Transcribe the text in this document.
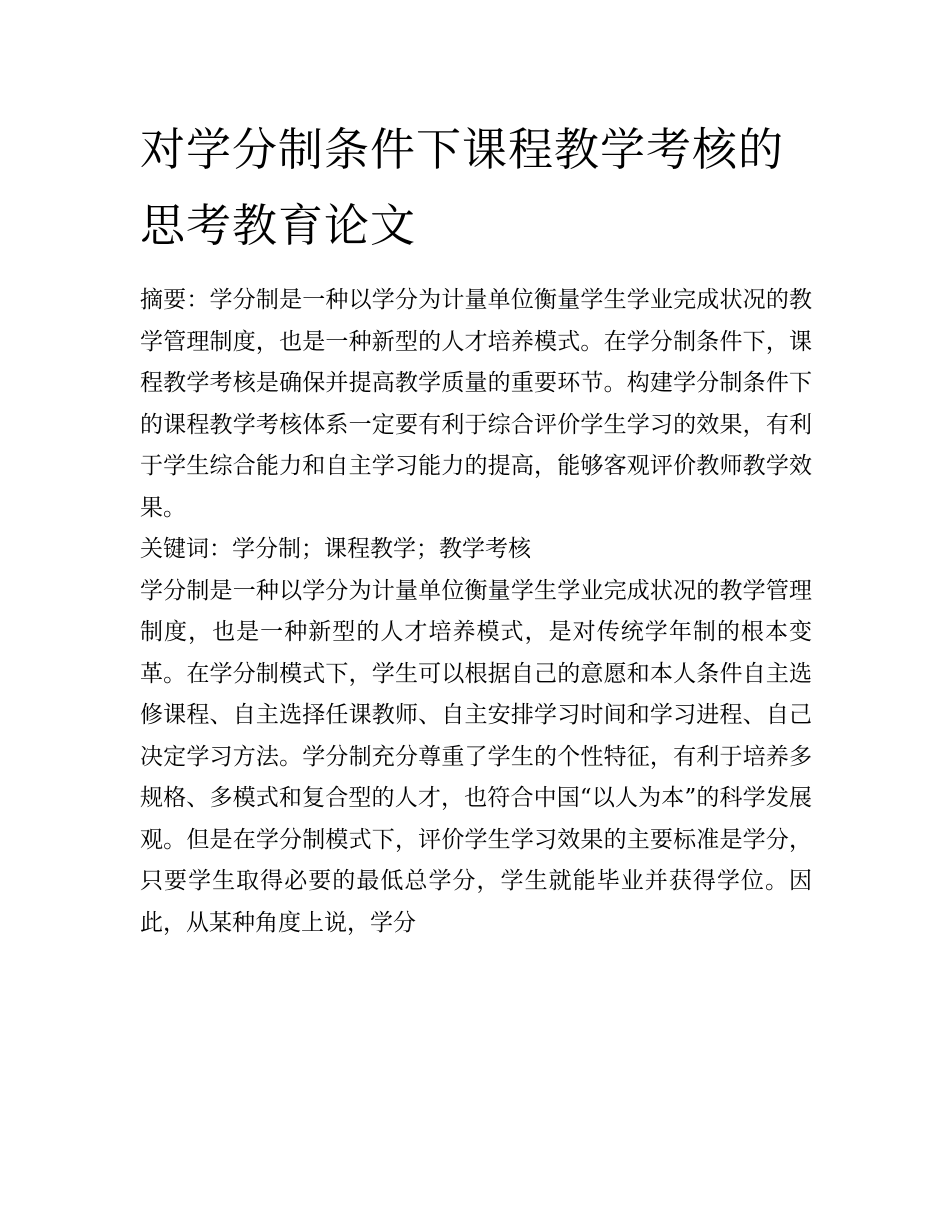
对学分制条件下课程教学考核的思考教育论文

摘要：学分制是一种以学分为计量单位衡量学生学业完成状况的教学管理制度，也是一种新型的人才培养模式。在学分制条件下，课程教学考核是确保并提高教学质量的重要环节。构建学分制条件下的课程教学考核体系一定要有利于综合评价学生学习的效果，有利于学生综合能力和自主学习能力的提高，能够客观评价教师教学效果。

关键词：学分制；课程教学；教学考核

学分制是一种以学分为计量单位衡量学生学业完成状况的教学管理制度，也是一种新型的人才培养模式，是对传统学年制的根本变革。在学分制模式下，学生可以根据自己的意愿和本人条件自主选修课程、自主选择任课教师、自主安排学习时间和学习进程、自己决定学习方法。学分制充分尊重了学生的个性特征，有利于培养多规格、多模式和复合型的人才，也符合中国“以人为本”的科学发展观。但是在学分制模式下，评价学生学习效果的主要标准是学分，只要学生取得必要的最低总学分，学生就能毕业并获得学位。因此，从某种角度上说，学分
